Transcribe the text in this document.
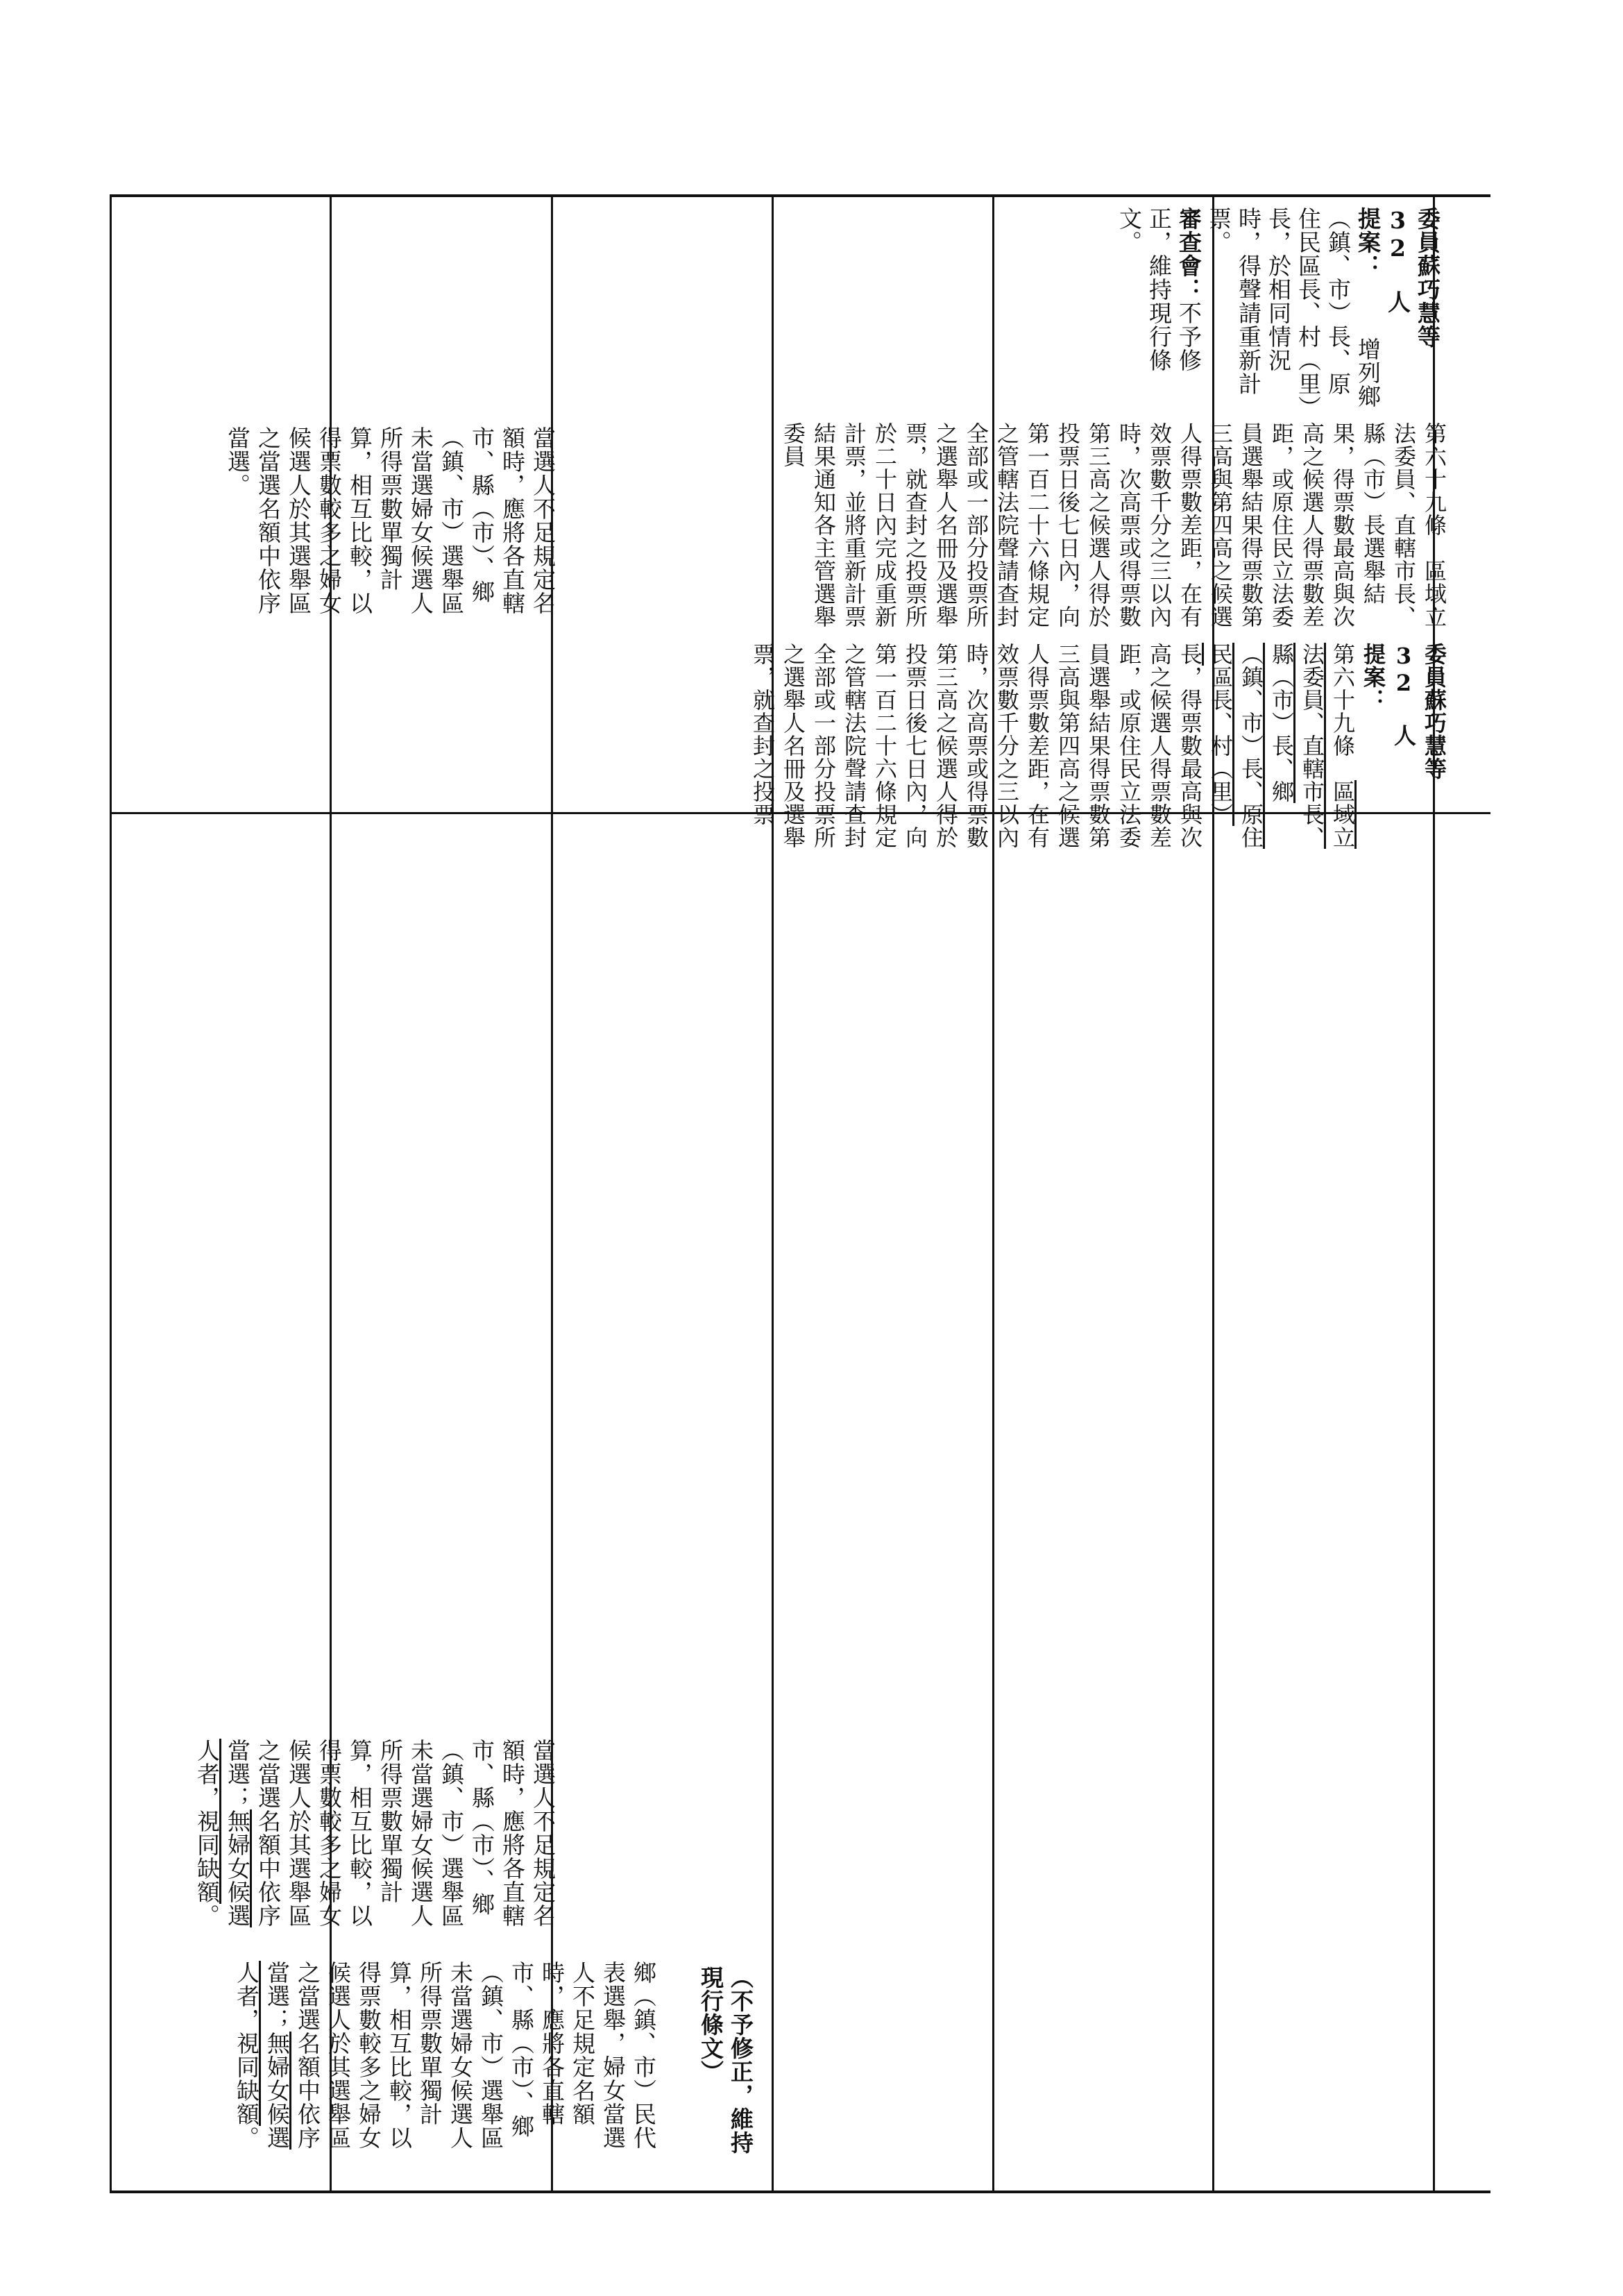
委員蘇巧慧等 32 人
提案：增列鄉（鎮、市）長、原住民區長、村（里）長，於相同情況時，得聲請重新計票。
審查會：不予修正，維持現行條文。
第六十九條　區域立法委員、直轄市長、縣（市）長選舉結果，得票數最高與次高之候選人得票數差距，或原住民立法委員選舉結果得票數第三高與第四高之候選人得票數差距，在有效票數千分之三以內時，次高票或得票數第三高之候選人得於投票日後七日內，向第一百二十六條規定之管轄法院聲請查封全部或一部分投票所之選舉人名冊及選舉票，就查封之投票所於二十日內完成重新計票，並將重新計票結果通知各主管選舉委員
委員蘇巧慧等 32 人
提案：
第六十九條　區域立法委員、直轄市長、縣（市）長、鄉（鎮、市）長、原住民區長、村（里）長，得票數最高與次高之候選人得票數差距，或原住民立法委員選舉結果得票數第三高與第四高之候選人得票數差距，在有效票數千分之三以內時，次高票或得票數第三高之候選人得於投票日後七日內，向第一百二十六條規定之管轄法院聲請查封全部或一部分投票所之選舉人名冊及選舉票，就查封之投票
（不予修正，維持現行條文）
當選人不足規定名額時，應將各直轄市、縣（市）、鄉（鎮、市）選舉區未當選婦女候選人所得票數單獨計算，相互比較，以得票數較多之婦女候選人於其選舉區之當選名額中依序當選。
當選人不足規定名額時，應將各直轄市、縣（市）、鄉（鎮、市）選舉區未當選婦女候選人所得票數單獨計算，相互比較，以得票數較多之婦女候選人於其選舉區之當選名額中依序當選；無婦女候選人者，視同缺額。
鄉（鎮、市）民代表選舉，婦女當選人不足規定名額時，應將各直轄市、縣（市）、鄉（鎮、市）選舉區未當選婦女候選人所得票數單獨計算，相互比較，以得票數較多之婦女候選人於其選舉區之當選名額中依序當選；無婦女候選人者，視同缺額。
